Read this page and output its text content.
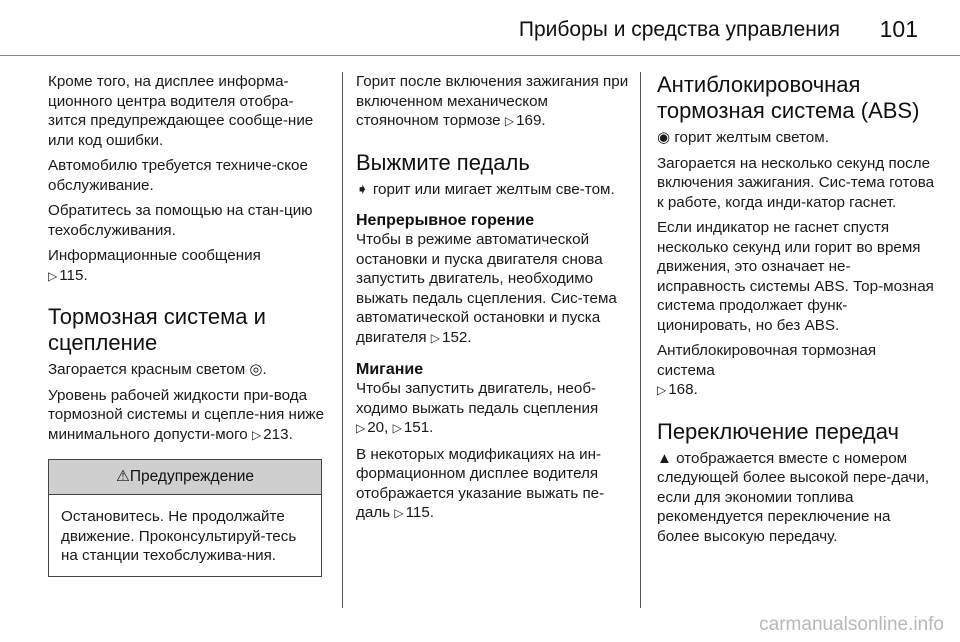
Приборы и средства управления 101

Кроме того, на дисплее информа-ционного центра водителя отобра-зится предупреждающее сообще-ние или код ошибки.

Автомобилю требуется техниче-ское обслуживание.

Обратитесь за помощью на стан-цию техобслуживания.

Информационные сообщения
▷ 115.

Тормозная система и сцепление

Загорается красным светом ◎.

Уровень рабочей жидкости при-вода тормозной системы и сцепле-ния ниже минимального допусти-мого ▷ 213.

⚠Предупреждение
Остановитесь. Не продолжайте движение. Проконсультируй-тесь на станции техобслужива-ния.

Горит после включения зажигания при включенном механическом стояночном тормозе ▷ 169.

Выжмите педаль

➧ горит или мигает желтым све-том.

Непрерывное горение

Чтобы в режиме автоматической остановки и пуска двигателя снова запустить двигатель, необходимо выжать педаль сцепления. Сис-тема автоматической остановки и пуска двигателя ▷ 152.

Мигание

Чтобы запустить двигатель, необ-ходимо выжать педаль сцепления
▷ 20, ▷ 151.

В некоторых модификациях на ин-формационном дисплее водителя отображается указание выжать пе-даль ▷ 115.

Антиблокировочная тормозная система (ABS)

◉ горит желтым светом.

Загорается на несколько секунд после включения зажигания. Сис-тема готова к работе, когда инди-катор гаснет.

Если индикатор не гаснет спустя несколько секунд или горит во время движения, это означает не-исправность системы ABS. Тор-мозная система продолжает функ-ционировать, но без ABS.

Антиблокировочная тормозная система
▷ 168.

Переключение передач

▲ отображается вместе с номером следующей более высокой пере-дачи, если для экономии топлива рекомендуется переключение на более высокую передачу.

carmanualsonline.info
